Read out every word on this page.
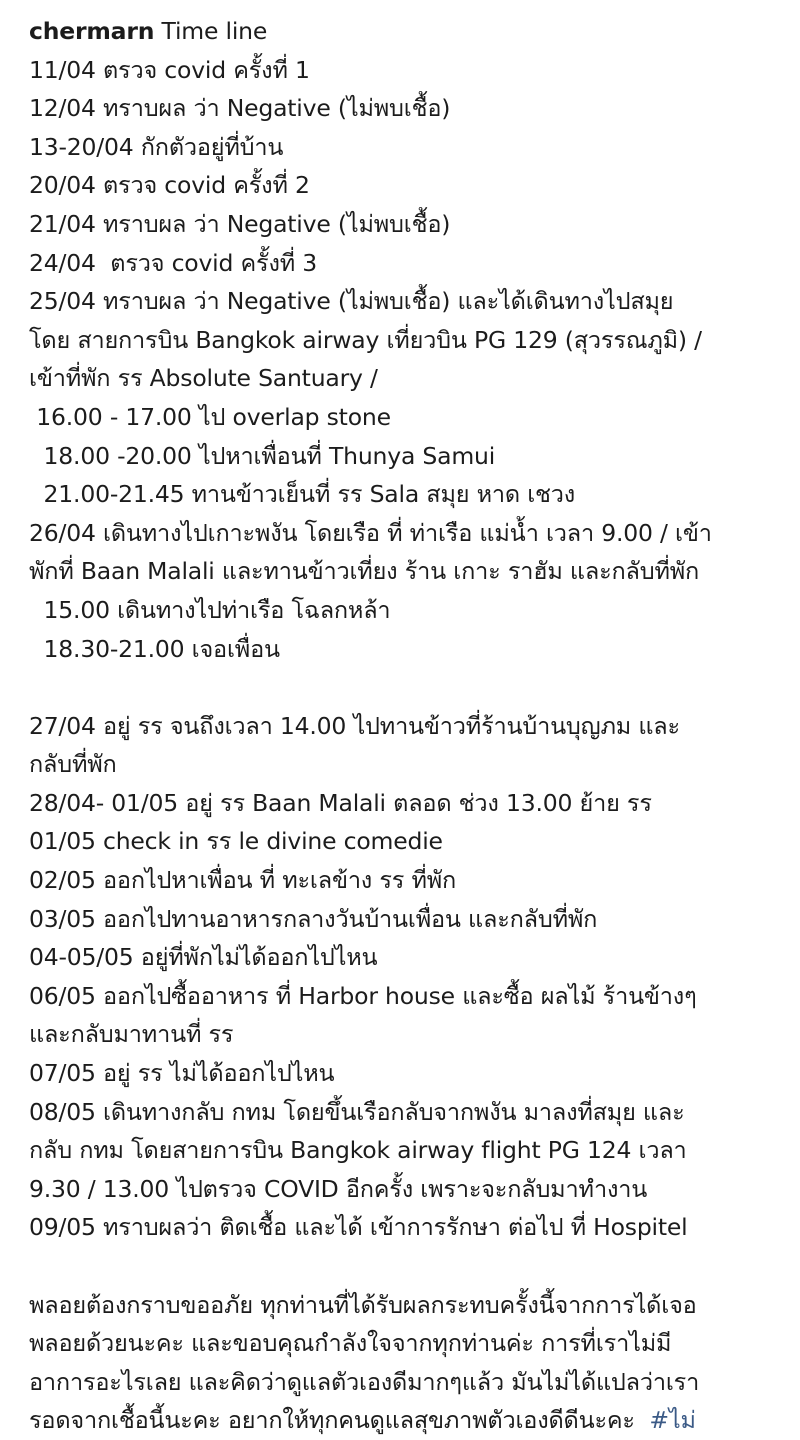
chermarn Time line

11/04 ตรวจ covid ครั้งที่ 1

12/04 ทราบผล ว่า Negative (ไม่พบเชื้อ)

13-20/04 กักตัวอยู่ที่บ้าน

20/04 ตรวจ covid ครั้งที่ 2

21/04 ทราบผล ว่า Negative (ไม่พบเชื้อ)

24/04  ตรวจ covid ครั้งที่ 3

25/04 ทราบผล ว่า Negative (ไม่พบเชื้อ) และได้เดินทางไปสมุย

โดย สายการบิน Bangkok airway เที่ยวบิน PG 129 (สุวรรณภูมิ) /

เข้าที่พัก รร Absolute Santuary /

16.00 - 17.00 ไป overlap stone

18.00 -20.00 ไปหาเพื่อนที่ Thunya Samui

21.00-21.45 ทานข้าวเย็นที่ รร Sala สมุย หาด เชวง

26/04 เดินทางไปเกาะพงัน โดยเรือ ที่ ท่าเรือ แม่น้ำ เวลา 9.00 / เข้า

พักที่ Baan Malali และทานข้าวเที่ยง ร้าน เกาะ ราฮัม และกลับที่พัก

15.00 เดินทางไปท่าเรือ โฉลกหล้า

18.30-21.00 เจอเพื่อน

27/04 อยู่ รร จนถึงเวลา 14.00 ไปทานข้าวที่ร้านบ้านบุญภม และ

กลับที่พัก

28/04- 01/05 อยู่ รร Baan Malali ตลอด ช่วง 13.00 ย้าย รร

01/05 check in รร le divine comedie

02/05 ออกไปหาเพื่อน ที่ ทะเลข้าง รร ที่พัก

03/05 ออกไปทานอาหารกลางวันบ้านเพื่อน และกลับที่พัก

04-05/05 อยู่ที่พักไม่ได้ออกไปไหน

06/05 ออกไปซื้ออาหาร ที่ Harbor house และซื้อ ผลไม้ ร้านข้างๆ

และกลับมาทานที่ รร

07/05 อยู่ รร ไม่ได้ออกไปไหน

08/05 เดินทางกลับ กทม โดยขึ้นเรือกลับจากพงัน มาลงที่สมุย และ

กลับ กทม โดยสายการบิน Bangkok airway flight PG 124 เวลา

9.30 / 13.00 ไปตรวจ COVID อีกครั้ง เพราะจะกลับมาทำงาน

09/05 ทราบผลว่า ติดเชื้อ และได้ เข้าการรักษา ต่อไป ที่ Hospitel

พลอยต้องกราบขออภัย ทุกท่านที่ได้รับผลกระทบครั้งนี้จากการได้เจอ

พลอยด้วยนะคะ และขอบคุณกำลังใจจากทุกท่านค่ะ การที่เราไม่มี

อาการอะไรเลย และคิดว่าดูแลตัวเองดีมากๆแล้ว มันไม่ได้แปลว่าเรา

รอดจากเชื้อนี้นะคะ อยากให้ทุกคนดูแลสุขภาพตัวเองดีดีนะคะ  #ไม่
